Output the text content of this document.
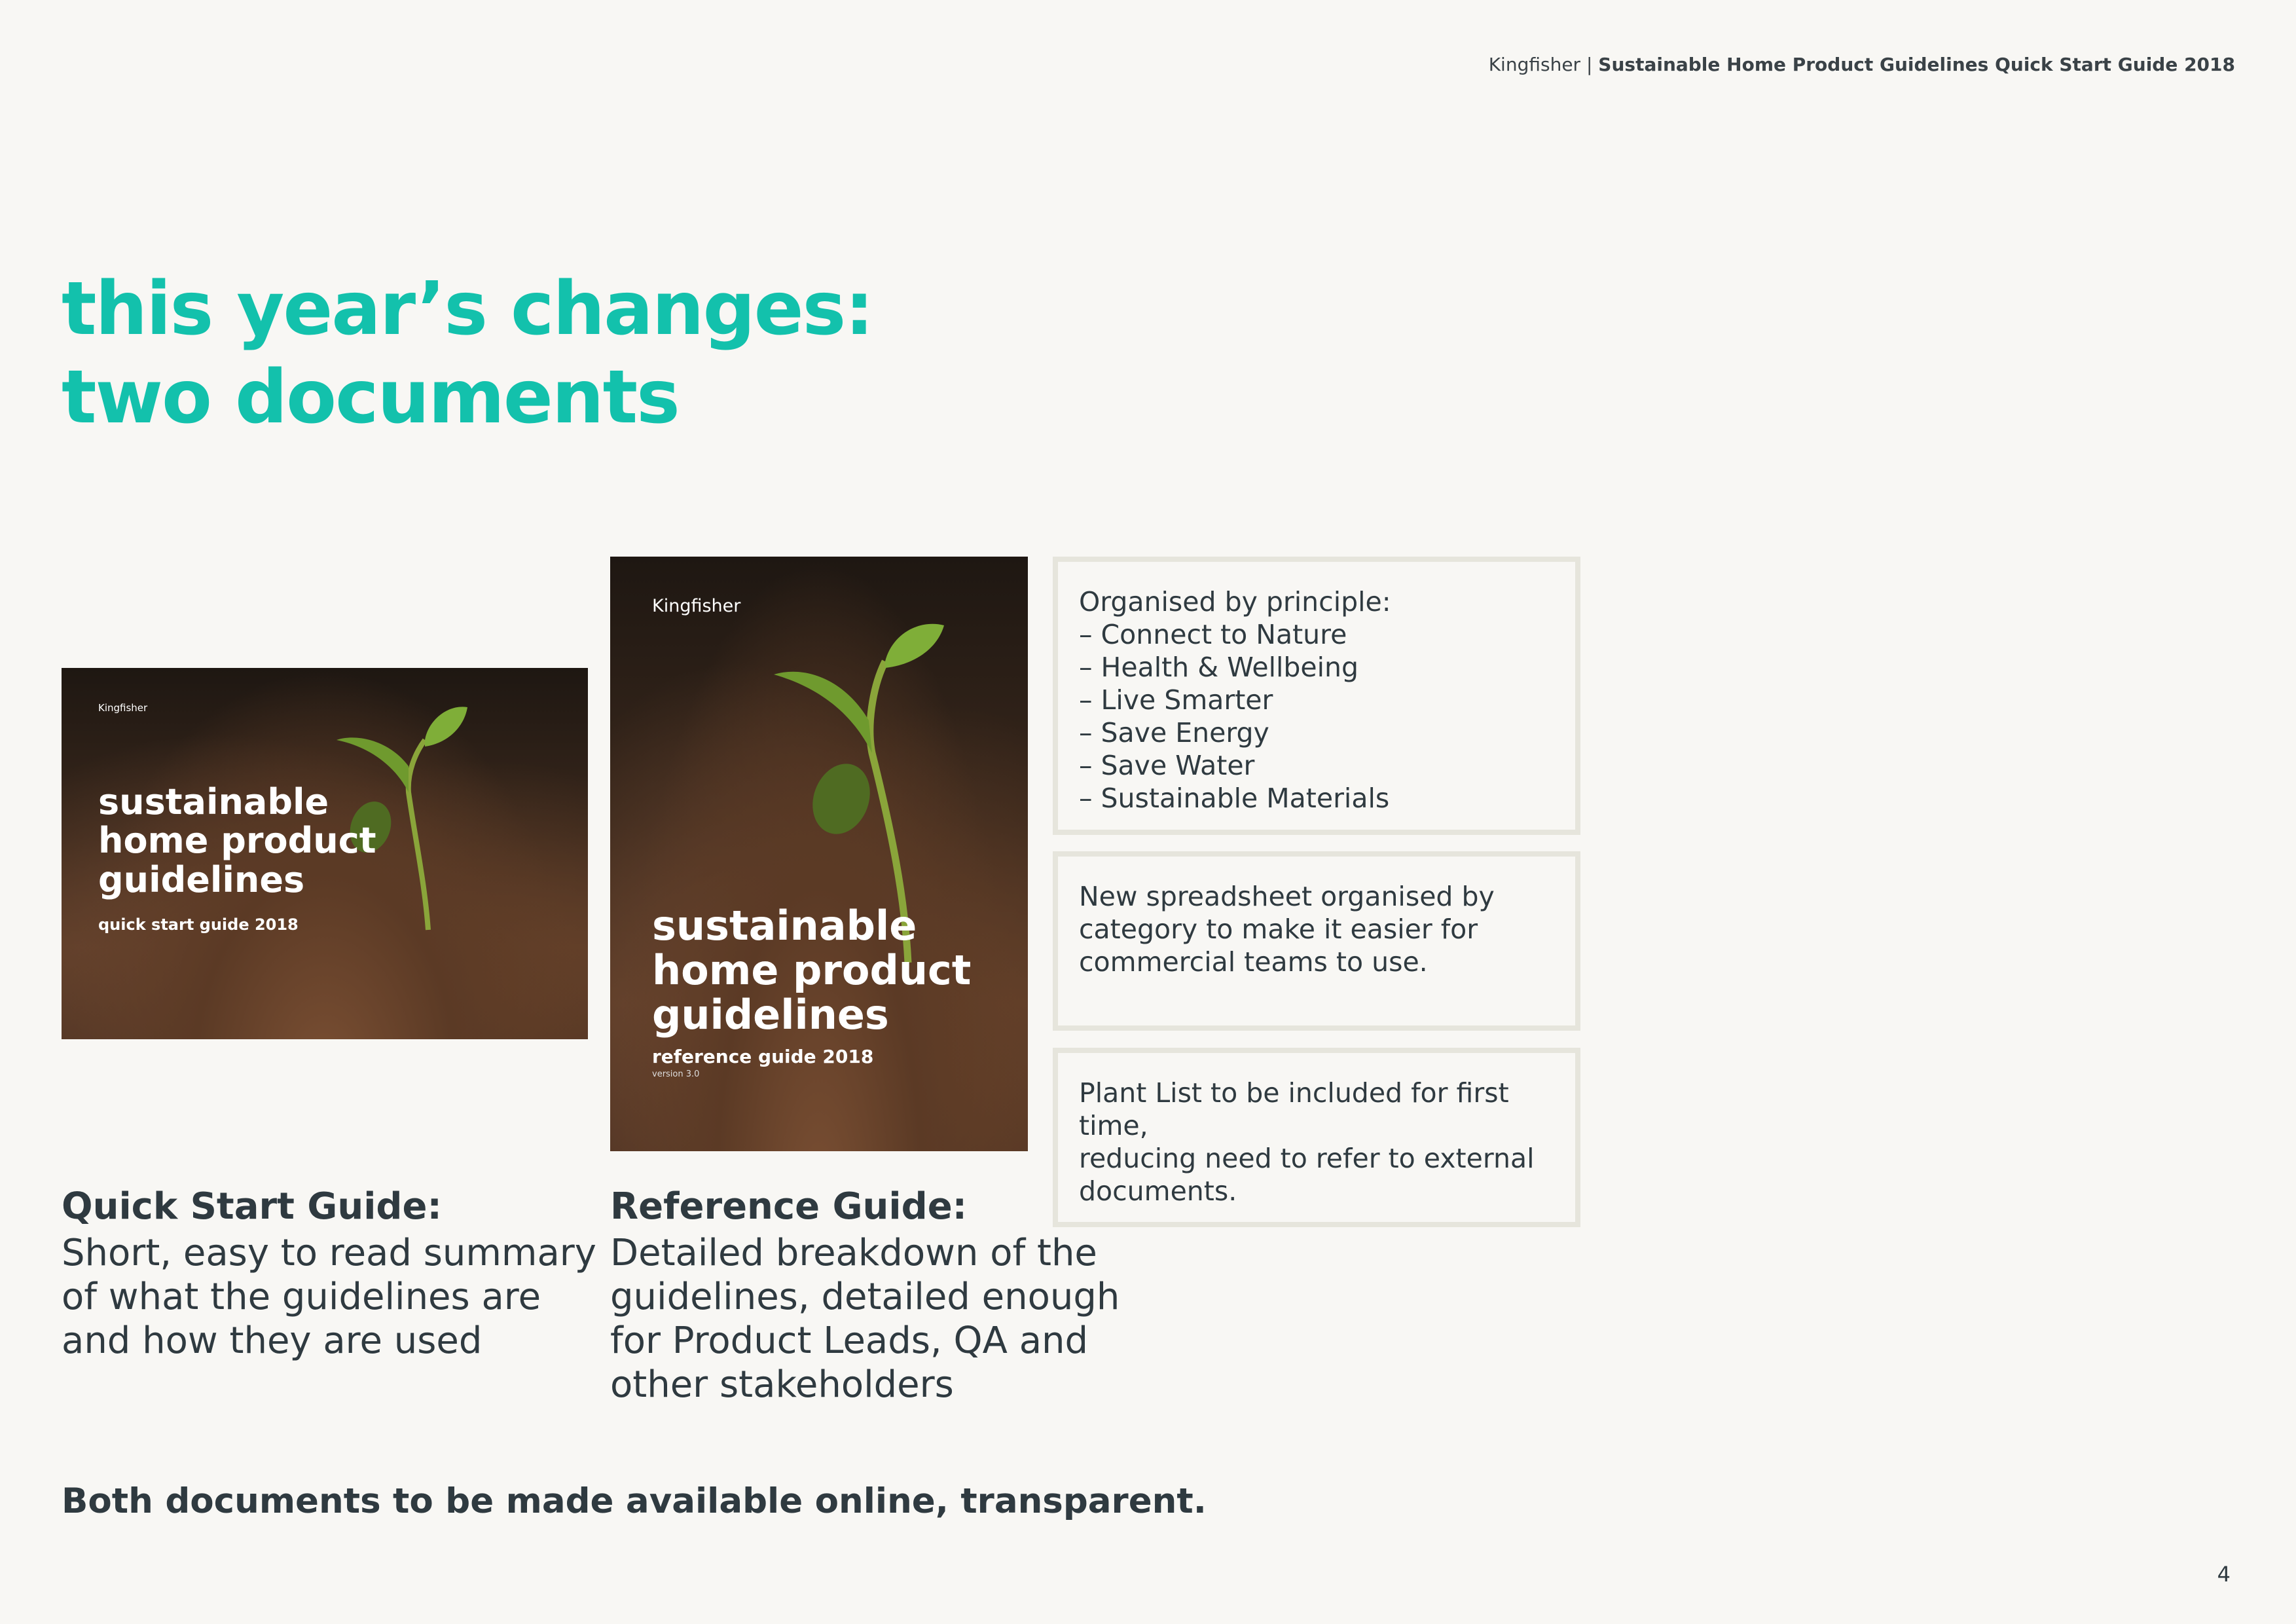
Kingfisher | Sustainable Home Product Guidelines Quick Start Guide 2018
this year’s changes:
two documents
Kingfisher
sustainable
home product
guidelines
quick start guide 2018
Kingfisher
sustainable
home product
guidelines
reference guide 2018
version 3.0
Organised by principle:
– Connect to Nature
– Health & Wellbeing
– Live Smarter
– Save Energy
– Save Water
– Sustainable Materials
New spreadsheet organised by
category to make it easier for
commercial teams to use.
Plant List to be included for first time,
reducing need to refer to external
documents.
Quick Start Guide:
Short, easy to read summary
of what the guidelines are
and how they are used
Reference Guide:
Detailed breakdown of the
guidelines, detailed enough
for Product Leads, QA and
other stakeholders
Both documents to be made available online, transparent.
4
